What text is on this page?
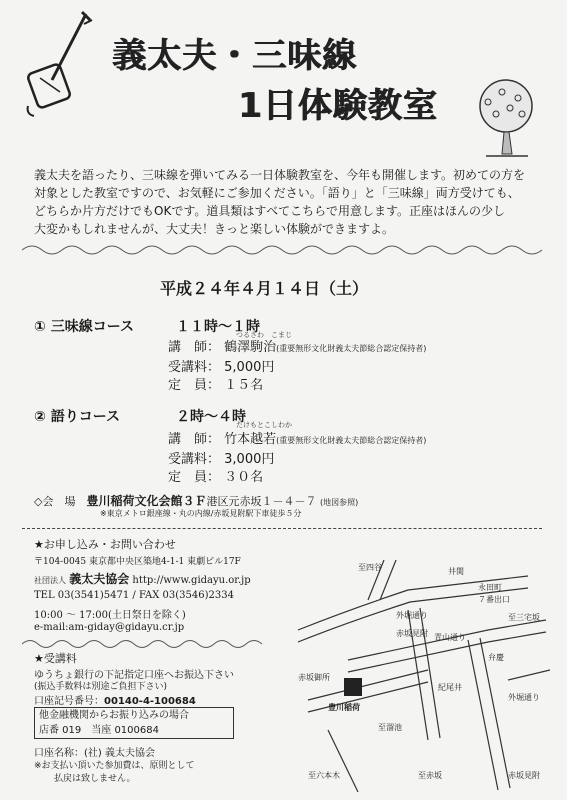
義太夫・三味線
1日体験教室
義太夫を語ったり、三味線を弾いてみる一日体験教室を、今年も開催します。初めての方を
対象とした教室ですので、お気軽にご参加ください。「語り」と「三味線」両方受けても、
どちらか片方だけでもOKです。道具類はすべてこちらで用意します。正座はほんの少し
大変かもしれませんが、大丈夫！きっと楽しい体験ができますよ。
平成２４年４月１４日（土）
① 三味線コース	１１時～１時
つるさわ　こまじ
講　師： 鶴澤駒治(重要無形文化財義太夫節総合認定保持者)
受講料： 5,000円
定　員： １５名
② 語りコース	２時～４時
たけもとこしわか
講　師： 竹本越若(重要無形文化財義太夫節総合認定保持者)
受講料： 3,000円
定　員： ３０名
◇会　場　 豊川稲荷文化会館３Ｆ港区元赤坂１－４－７ (地図参照)
※東京メトロ銀座線・丸の内線/赤坂見附駅下車徒歩５分
★お申し込み・お問い合わせ
〒104-0045 東京都中央区築地4-1-1 東劇ビル17F
社団法人 義太夫協会 http://www.gidayu.or.jp
TEL 03(3541)5471 / FAX 03(3546)2334
10:00 ～ 17:00(土日祭日を除く)
e-mail:am-giday@gidayu.cr.jp
★受講料
ゆうちょ銀行の下記指定口座へお振込下さい
(振込手数料は別途ご負担下さい)
口座記号番号：00140-4-100684
他金融機関からお振り込みの場合
店番 019　当座 0100684
口座名称：(社) 義太夫協会
※お支払い頂いた参加費は、原則として
払戻は致しません。
至四谷	井関
永田町
７番出口
至三宅坂
外堀通り
赤坂見附 青山通り
弁慶
赤坂御所
豊川稲荷
紀尾井
外堀通り
至溜池
至六本木	至赤坂	赤坂見附
